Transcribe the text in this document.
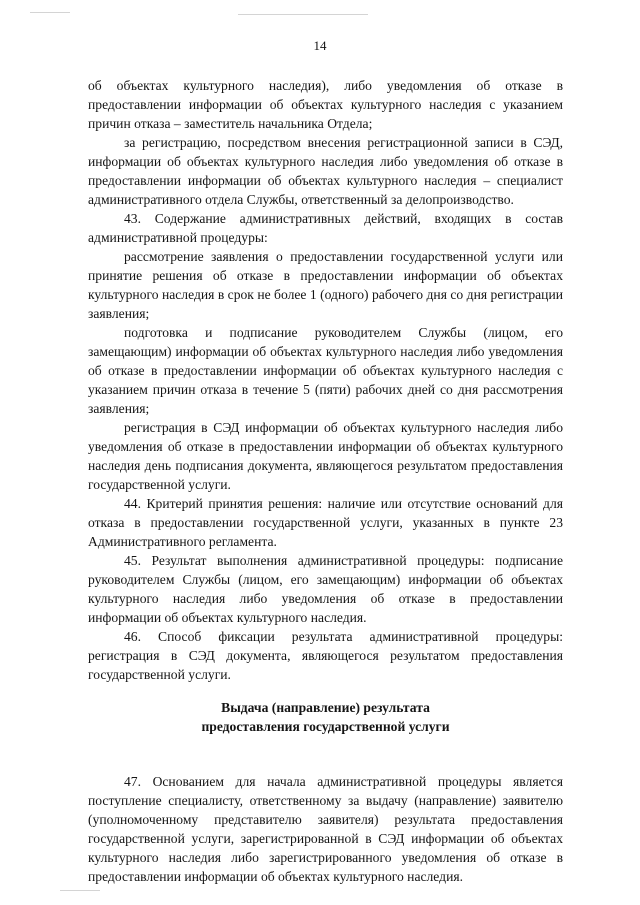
14

об объектах культурного наследия), либо уведомления об отказе в предоставлении информации об объектах культурного наследия с указанием причин отказа – заместитель начальника Отдела;

за регистрацию, посредством внесения регистрационной записи в СЭД, информации об объектах культурного наследия либо уведомления об отказе в предоставлении информации об объектах культурного наследия – специалист административного отдела Службы, ответственный за делопроизводство.

43. Содержание административных действий, входящих в состав административной процедуры:

рассмотрение заявления о предоставлении государственной услуги или принятие решения об отказе в предоставлении информации об объектах культурного наследия в срок не более 1 (одного) рабочего дня со дня регистрации заявления;

подготовка и подписание руководителем Службы (лицом, его замещающим) информации об объектах культурного наследия либо уведомления об отказе в предоставлении информации об объектах культурного наследия с указанием причин отказа в течение 5 (пяти) рабочих дней со дня рассмотрения заявления;

регистрация в СЭД информации об объектах культурного наследия либо уведомления об отказе в предоставлении информации об объектах культурного наследия день подписания документа, являющегося результатом предоставления государственной услуги.

44. Критерий принятия решения: наличие или отсутствие оснований для отказа в предоставлении государственной услуги, указанных в пункте 23 Административного регламента.

45. Результат выполнения административной процедуры: подписание руководителем Службы (лицом, его замещающим) информации об объектах культурного наследия либо уведомления об отказе в предоставлении информации об объектах культурного наследия.

46. Способ фиксации результата административной процедуры: регистрация в СЭД документа, являющегося результатом предоставления государственной услуги.

Выдача (направление) результата
предоставления государственной услуги

47. Основанием для начала административной процедуры является поступление специалисту, ответственному за выдачу (направление) заявителю (уполномоченному представителю заявителя) результата предоставления государственной услуги, зарегистрированной в СЭД информации об объектах культурного наследия либо зарегистрированного уведомления об отказе в предоставлении информации об объектах культурного наследия.
